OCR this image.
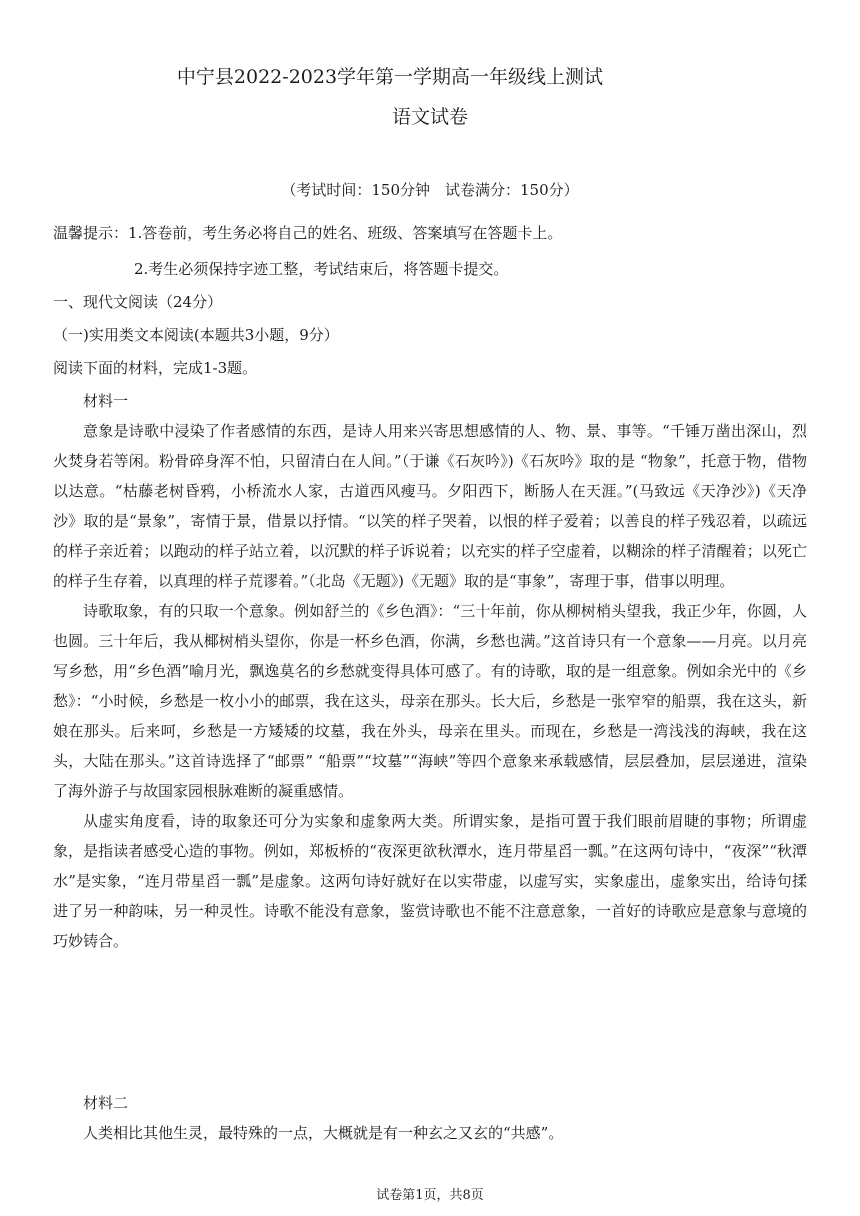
中宁县2022-2023学年第一学期高一年级线上测试
语文试卷
（考试时间：150分钟　试卷满分：150分）
温馨提示：1.答卷前，考生务必将自己的姓名、班级、答案填写在答题卡上。
2.考生必须保持字迹工整，考试结束后，将答题卡提交。
一、现代文阅读（24分）
（一)实用类文本阅读(本题共3小题，9分）
阅读下面的材料，完成1-3题。
材料一

意象是诗歌中浸染了作者感情的东西，是诗人用来兴寄思想感情的人、物、景、事等。“千锤万凿出深山，烈火焚身若等闲。粉骨碎身浑不怕，只留清白在人间。”（于谦《石灰吟》)《石灰吟》取的是 “物象”，托意于物，借物以达意。“枯藤老树昏鸦，小桥流水人家，古道西风瘦马。夕阳西下，断肠人在天涯。”(马致远《天净沙》)《天净沙》取的是“景象”，寄情于景，借景以抒情。“以笑的样子哭着，以恨的样子爱着；以善良的样子残忍着，以疏远的样子亲近着；以跑动的样子站立着，以沉默的样子诉说着；以充实的样子空虚着，以糊涂的样子清醒着；以死亡的样子生存着，以真理的样子荒谬着。”（北岛《无题》)《无题》取的是“事象”，寄理于事，借事以明理。

诗歌取象，有的只取一个意象。例如舒兰的《乡色酒》：“三十年前，你从柳树梢头望我，我正少年，你圆，人也圆。三十年后，我从椰树梢头望你，你是一杯乡色酒，你满，乡愁也满。”这首诗只有一个意象——月亮。以月亮写乡愁，用“乡色酒”喻月光，飘逸莫名的乡愁就变得具体可感了。有的诗歌，取的是一组意象。例如余光中的《乡愁》：“小时候，乡愁是一枚小小的邮票，我在这头，母亲在那头。长大后，乡愁是一张窄窄的船票，我在这头，新娘在那头。后来呵，乡愁是一方矮矮的坟墓，我在外头，母亲在里头。而现在，乡愁是一湾浅浅的海峡，我在这头，大陆在那头。”这首诗选择了“邮票” “船票”“坟墓”“海峡”等四个意象来承载感情，层层叠加，层层递进，渲染了海外游子与故国家园根脉难断的凝重感情。

从虚实角度看，诗的取象还可分为实象和虚象两大类。所谓实象，是指可置于我们眼前眉睫的事物；所谓虚象，是指读者感受心造的事物。例如，郑板桥的“夜深更欲秋潭水，连月带星舀一瓢。”在这两句诗中，“夜深”“秋潭水”是实象，“连月带星舀一瓢”是虚象。这两句诗好就好在以实带虚，以虚写实，实象虚出，虚象实出，给诗句揉进了另一种韵味，另一种灵性。诗歌不能没有意象，鉴赏诗歌也不能不注意意象，一首好的诗歌应是意象与意境的巧妙铸合。

材料二

人类相比其他生灵，最特殊的一点，大概就是有一种玄之又玄的“共感”。

试卷第1页，共8页
